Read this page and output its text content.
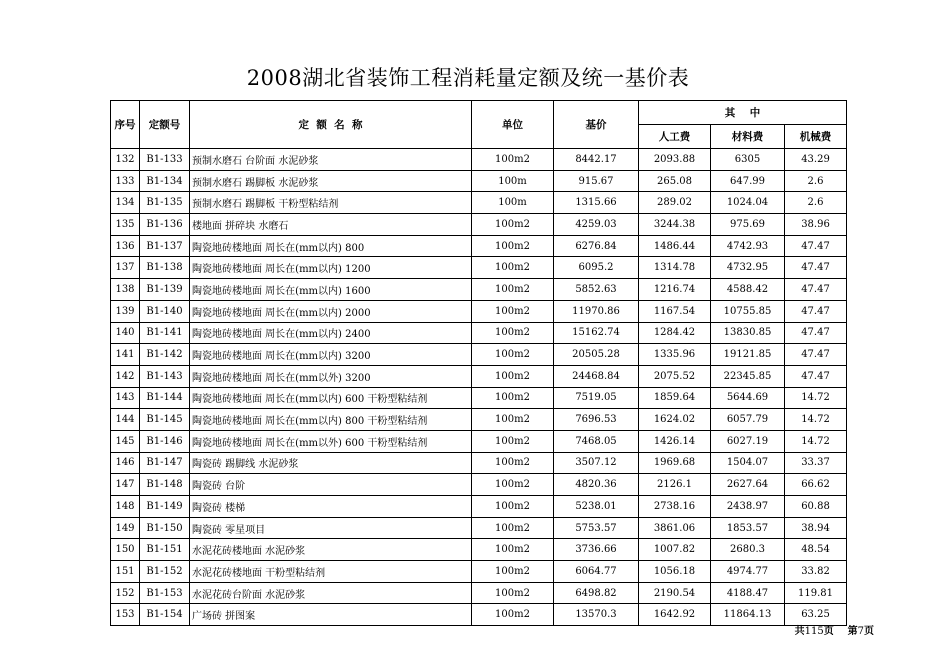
2008湖北省装饰工程消耗量定额及统一基价表
序号	定额号	定  额  名  称	单位	基价	其    中		
					人工费	材料费	机械费
132	B1-133	预制水磨石 台阶面 水泥砂浆	100m2	8442.17	2093.88	6305	43.29
133	B1-134	预制水磨石 踢脚板 水泥砂浆	100m	915.67	265.08	647.99	2.6
134	B1-135	预制水磨石 踢脚板 干粉型粘结剂	100m	1315.66	289.02	1024.04	2.6
135	B1-136	楼地面 拼碎块 水磨石	100m2	4259.03	3244.38	975.69	38.96
136	B1-137	陶瓷地砖楼地面 周长在(mm以内) 800	100m2	6276.84	1486.44	4742.93	47.47
137	B1-138	陶瓷地砖楼地面 周长在(mm以内) 1200	100m2	6095.2	1314.78	4732.95	47.47
138	B1-139	陶瓷地砖楼地面 周长在(mm以内) 1600	100m2	5852.63	1216.74	4588.42	47.47
139	B1-140	陶瓷地砖楼地面 周长在(mm以内) 2000	100m2	11970.86	1167.54	10755.85	47.47
140	B1-141	陶瓷地砖楼地面 周长在(mm以内) 2400	100m2	15162.74	1284.42	13830.85	47.47
141	B1-142	陶瓷地砖楼地面 周长在(mm以内) 3200	100m2	20505.28	1335.96	19121.85	47.47
142	B1-143	陶瓷地砖楼地面 周长在(mm以外) 3200	100m2	24468.84	2075.52	22345.85	47.47
143	B1-144	陶瓷地砖楼地面 周长在(mm以内) 600 干粉型粘结剂	100m2	7519.05	1859.64	5644.69	14.72
144	B1-145	陶瓷地砖楼地面 周长在(mm以内) 800 干粉型粘结剂	100m2	7696.53	1624.02	6057.79	14.72
145	B1-146	陶瓷地砖楼地面 周长在(mm以外) 600 干粉型粘结剂	100m2	7468.05	1426.14	6027.19	14.72
146	B1-147	陶瓷砖 踢脚线 水泥砂浆	100m2	3507.12	1969.68	1504.07	33.37
147	B1-148	陶瓷砖 台阶	100m2	4820.36	2126.1	2627.64	66.62
148	B1-149	陶瓷砖 楼梯	100m2	5238.01	2738.16	2438.97	60.88
149	B1-150	陶瓷砖 零星项目	100m2	5753.57	3861.06	1853.57	38.94
150	B1-151	水泥花砖楼地面 水泥砂浆	100m2	3736.66	1007.82	2680.3	48.54
151	B1-152	水泥花砖楼地面 干粉型粘结剂	100m2	6064.77	1056.18	4974.77	33.82
152	B1-153	水泥花砖台阶面 水泥砂浆	100m2	6498.82	2190.54	4188.47	119.81
153	B1-154	广场砖 拼图案	100m2	13570.3	1642.92	11864.13	63.25
共115页 第7页
